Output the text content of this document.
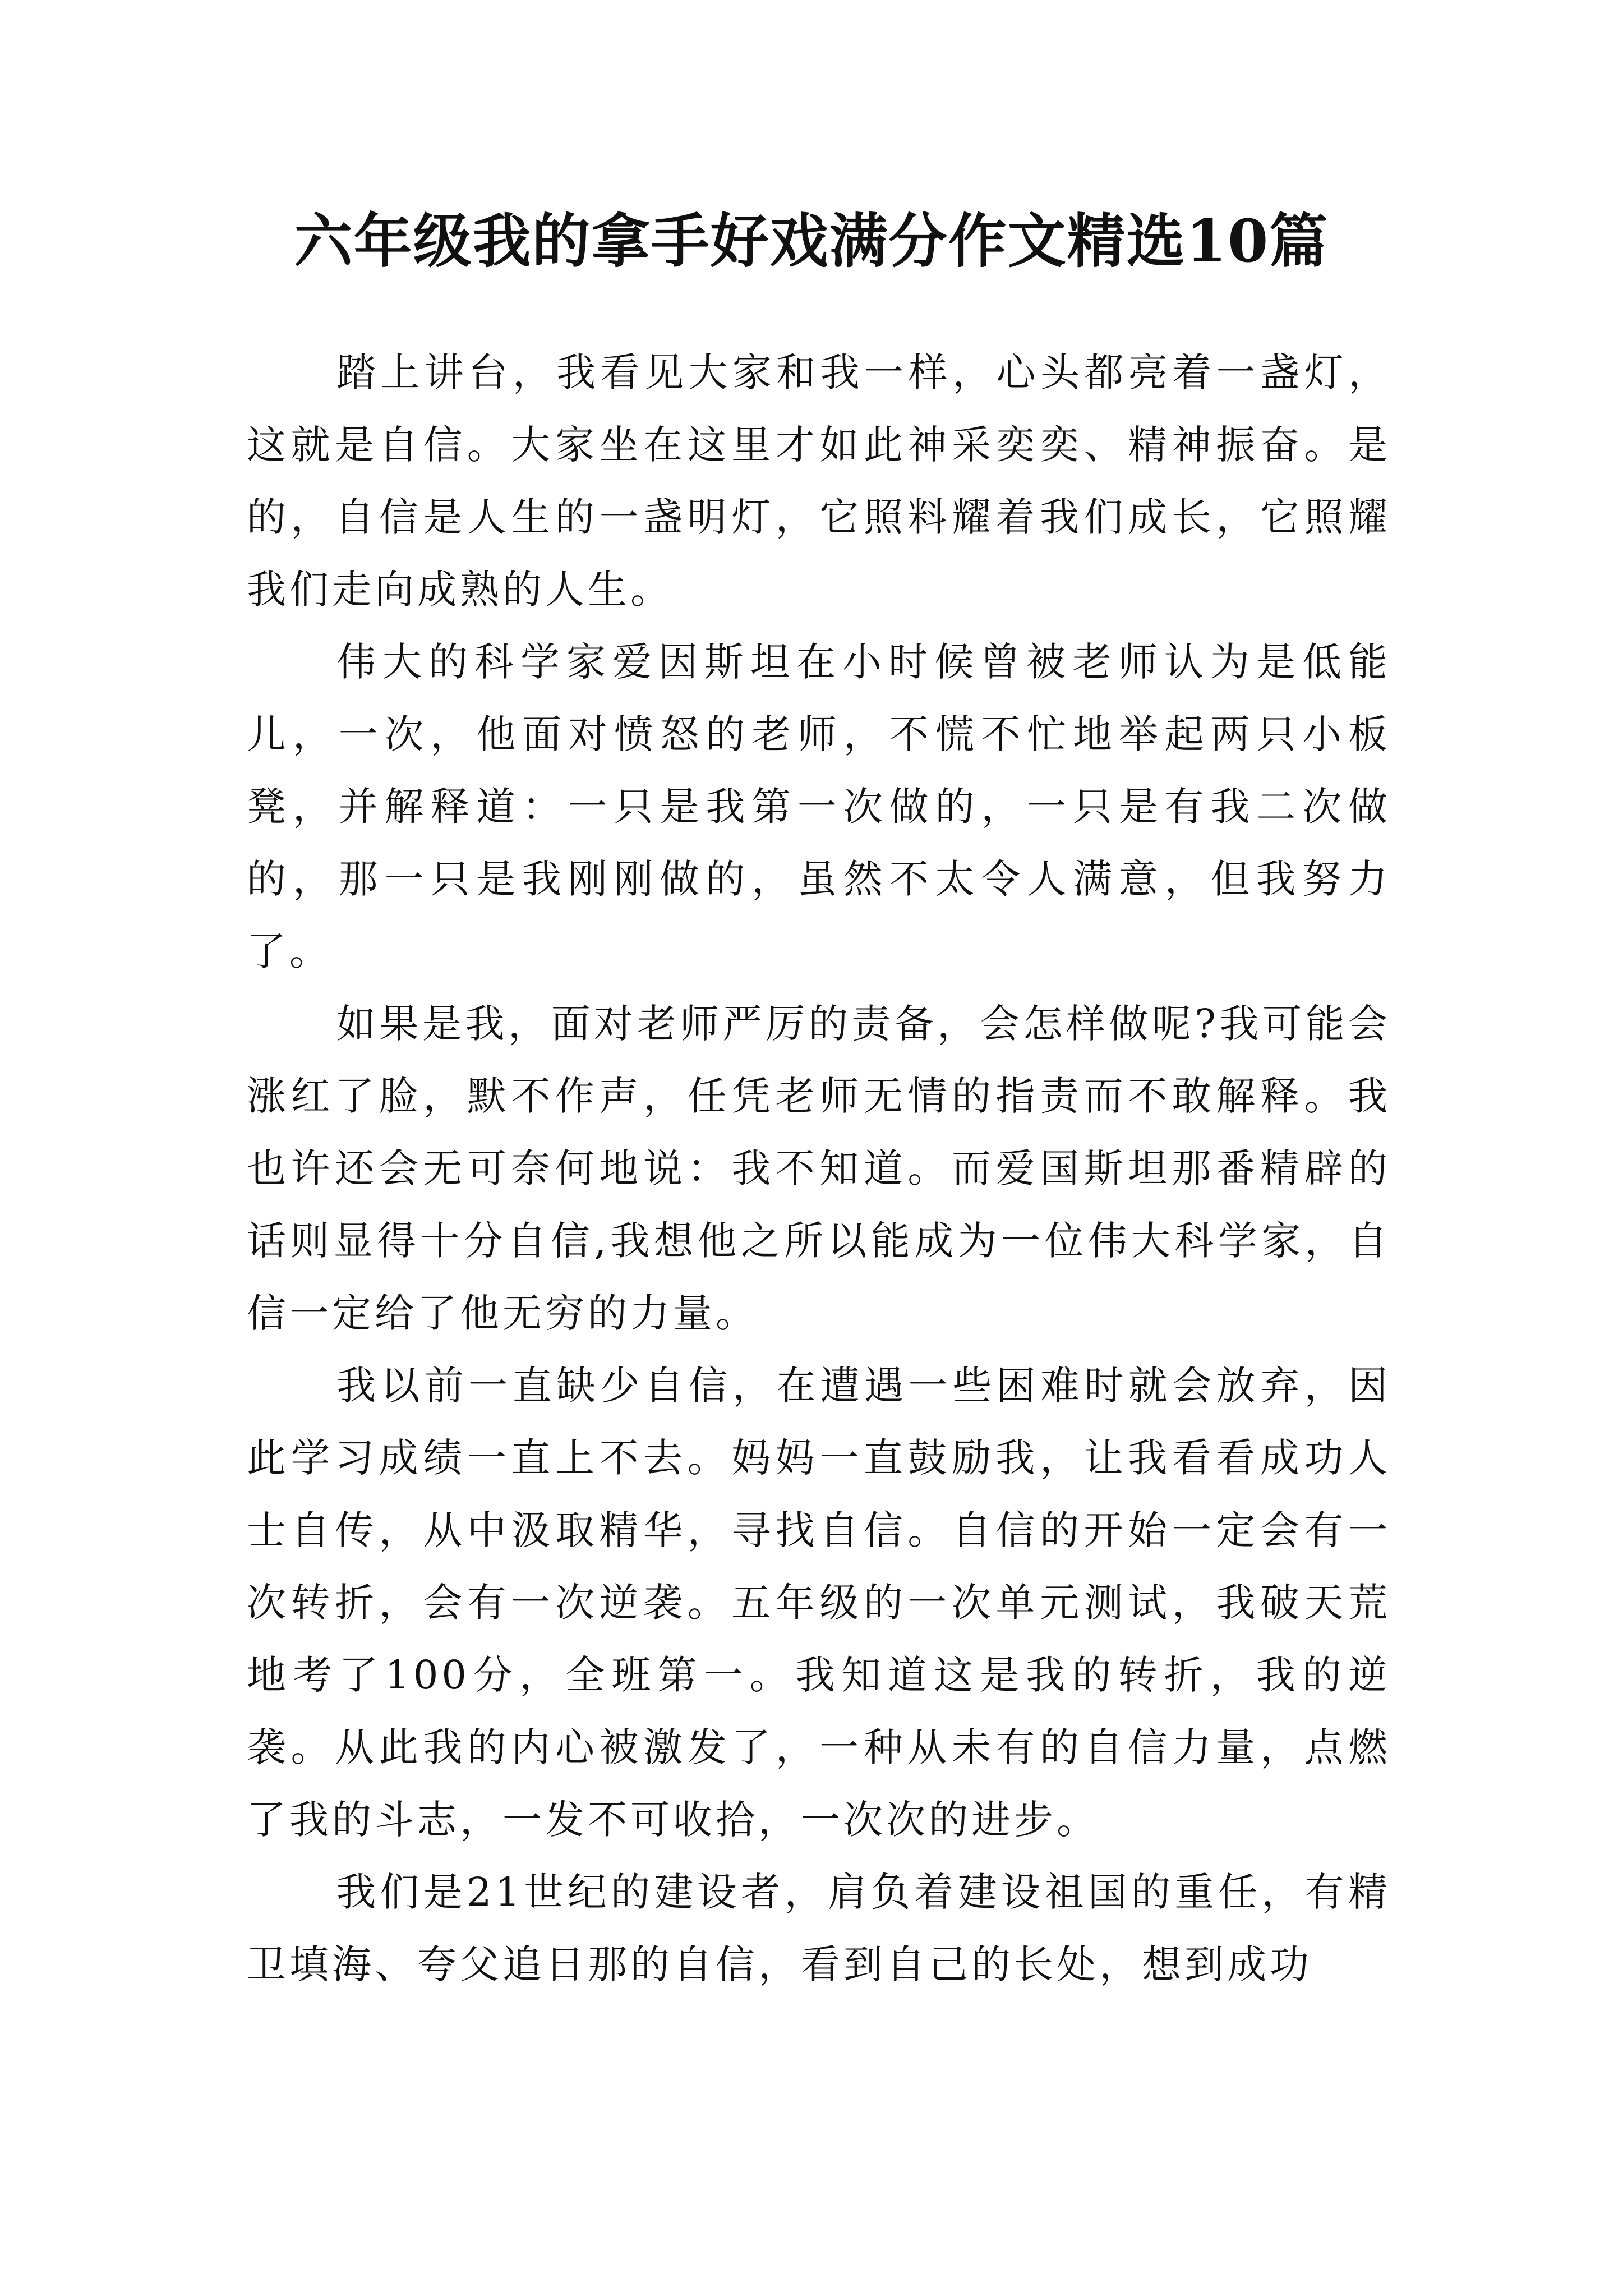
六年级我的拿手好戏满分作文精选10篇

踏上讲台，我看见大家和我一样，心头都亮着一盏灯，这就是自信。大家坐在这里才如此神采奕奕、精神振奋。是的，自信是人生的一盏明灯，它照料耀着我们成长，它照耀我们走向成熟的人生。

伟大的科学家爱因斯坦在小时候曾被老师认为是低能儿，一次，他面对愤怒的老师，不慌不忙地举起两只小板凳，并解释道：一只是我第一次做的，一只是有我二次做的，那一只是我刚刚做的，虽然不太令人满意，但我努力了。

如果是我，面对老师严厉的责备，会怎样做呢?我可能会涨红了脸，默不作声，任凭老师无情的指责而不敢解释。我也许还会无可奈何地说：我不知道。而爱国斯坦那番精辟的话则显得十分自信,我想他之所以能成为一位伟大科学家，自信一定给了他无穷的力量。

我以前一直缺少自信，在遭遇一些困难时就会放弃，因此学习成绩一直上不去。妈妈一直鼓励我，让我看看成功人士自传，从中汲取精华，寻找自信。自信的开始一定会有一次转折，会有一次逆袭。五年级的一次单元测试，我破天荒地考了100分，全班第一。我知道这是我的转折，我的逆袭。从此我的内心被激发了，一种从未有的自信力量，点燃了我的斗志，一发不可收拾，一次次的进步。

我们是21世纪的建设者，肩负着建设祖国的重任，有精卫填海、夸父追日那的自信，看到自己的长处，想到成功
